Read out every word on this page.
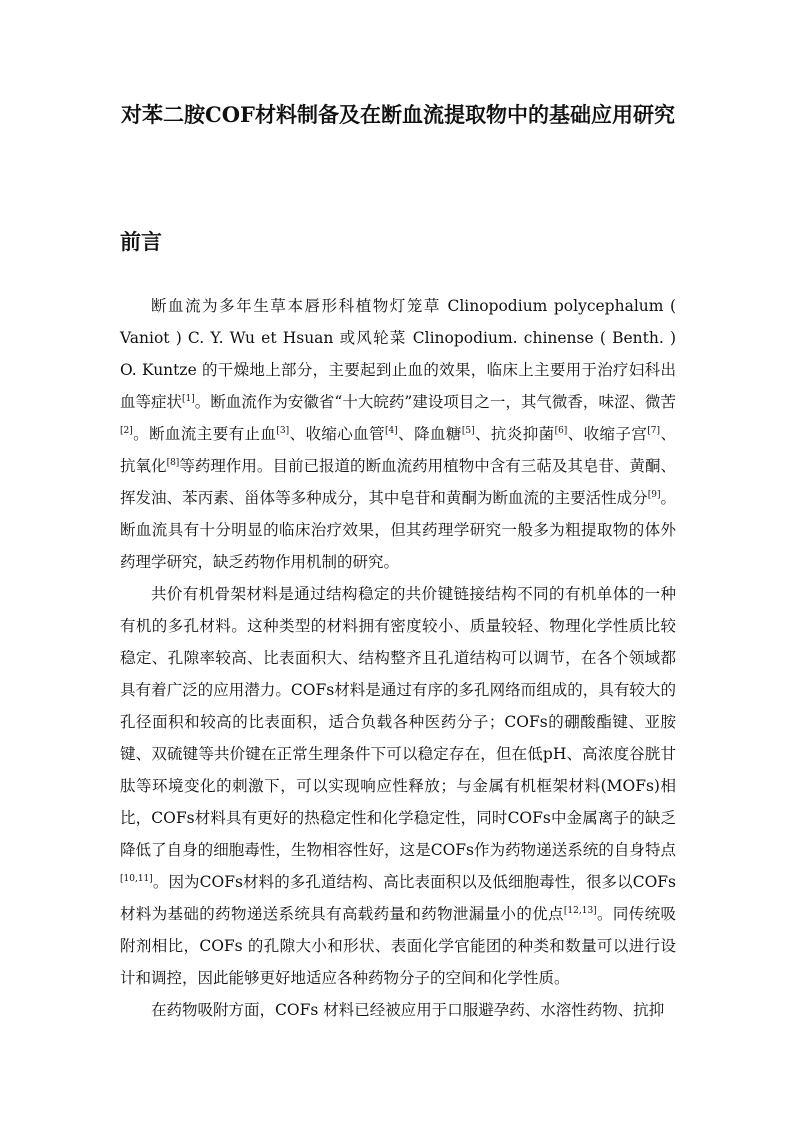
对苯二胺COF材料制备及在断血流提取物中的基础应用研究
前言

断血流为多年生草本唇形科植物灯笼草 Clinopodium polycephalum ( Vaniot ) C. Y. Wu et Hsuan 或风轮菜 Clinopodium. chinense ( Benth. ) O. Kuntze 的干燥地上部分，主要起到止血的效果，临床上主要用于治疗妇科出血等症状[1]。断血流作为安徽省“十大皖药”建设项目之一，其气微香，味涩、微苦[2]。断血流主要有止血[3]、收缩心血管[4]、降血糖[5]、抗炎抑菌[6]、收缩子宫[7]、抗氧化[8]等药理作用。目前已报道的断血流药用植物中含有三萜及其皂苷、黄酮、挥发油、苯丙素、甾体等多种成分，其中皂苷和黄酮为断血流的主要活性成分[9]。断血流具有十分明显的临床治疗效果，但其药理学研究一般多为粗提取物的体外药理学研究，缺乏药物作用机制的研究。

共价有机骨架材料是通过结构稳定的共价键链接结构不同的有机单体的一种有机的多孔材料。这种类型的材料拥有密度较小、质量较轻、物理化学性质比较稳定、孔隙率较高、比表面积大、结构整齐且孔道结构可以调节，在各个领域都具有着广泛的应用潜力。COFs材料是通过有序的多孔网络而组成的，具有较大的孔径面积和较高的比表面积，适合负载各种医药分子；COFs的硼酸酯键、亚胺键、双硫键等共价键在正常生理条件下可以稳定存在，但在低pH、高浓度谷胱甘肽等环境变化的刺激下，可以实现响应性释放；与金属有机框架材料(MOFs)相比，COFs材料具有更好的热稳定性和化学稳定性，同时COFs中金属离子的缺乏降低了自身的细胞毒性，生物相容性好，这是COFs作为药物递送系统的自身特点[10,11]。因为COFs材料的多孔道结构、高比表面积以及低细胞毒性，很多以COFs材料为基础的药物递送系统具有高载药量和药物泄漏量小的优点[12,13]。同传统吸附剂相比，COFs 的孔隙大小和形状、表面化学官能团的种类和数量可以进行设计和调控，因此能够更好地适应各种药物分子的空间和化学性质。

在药物吸附方面，COFs 材料已经被应用于口服避孕药、水溶性药物、抗抑
